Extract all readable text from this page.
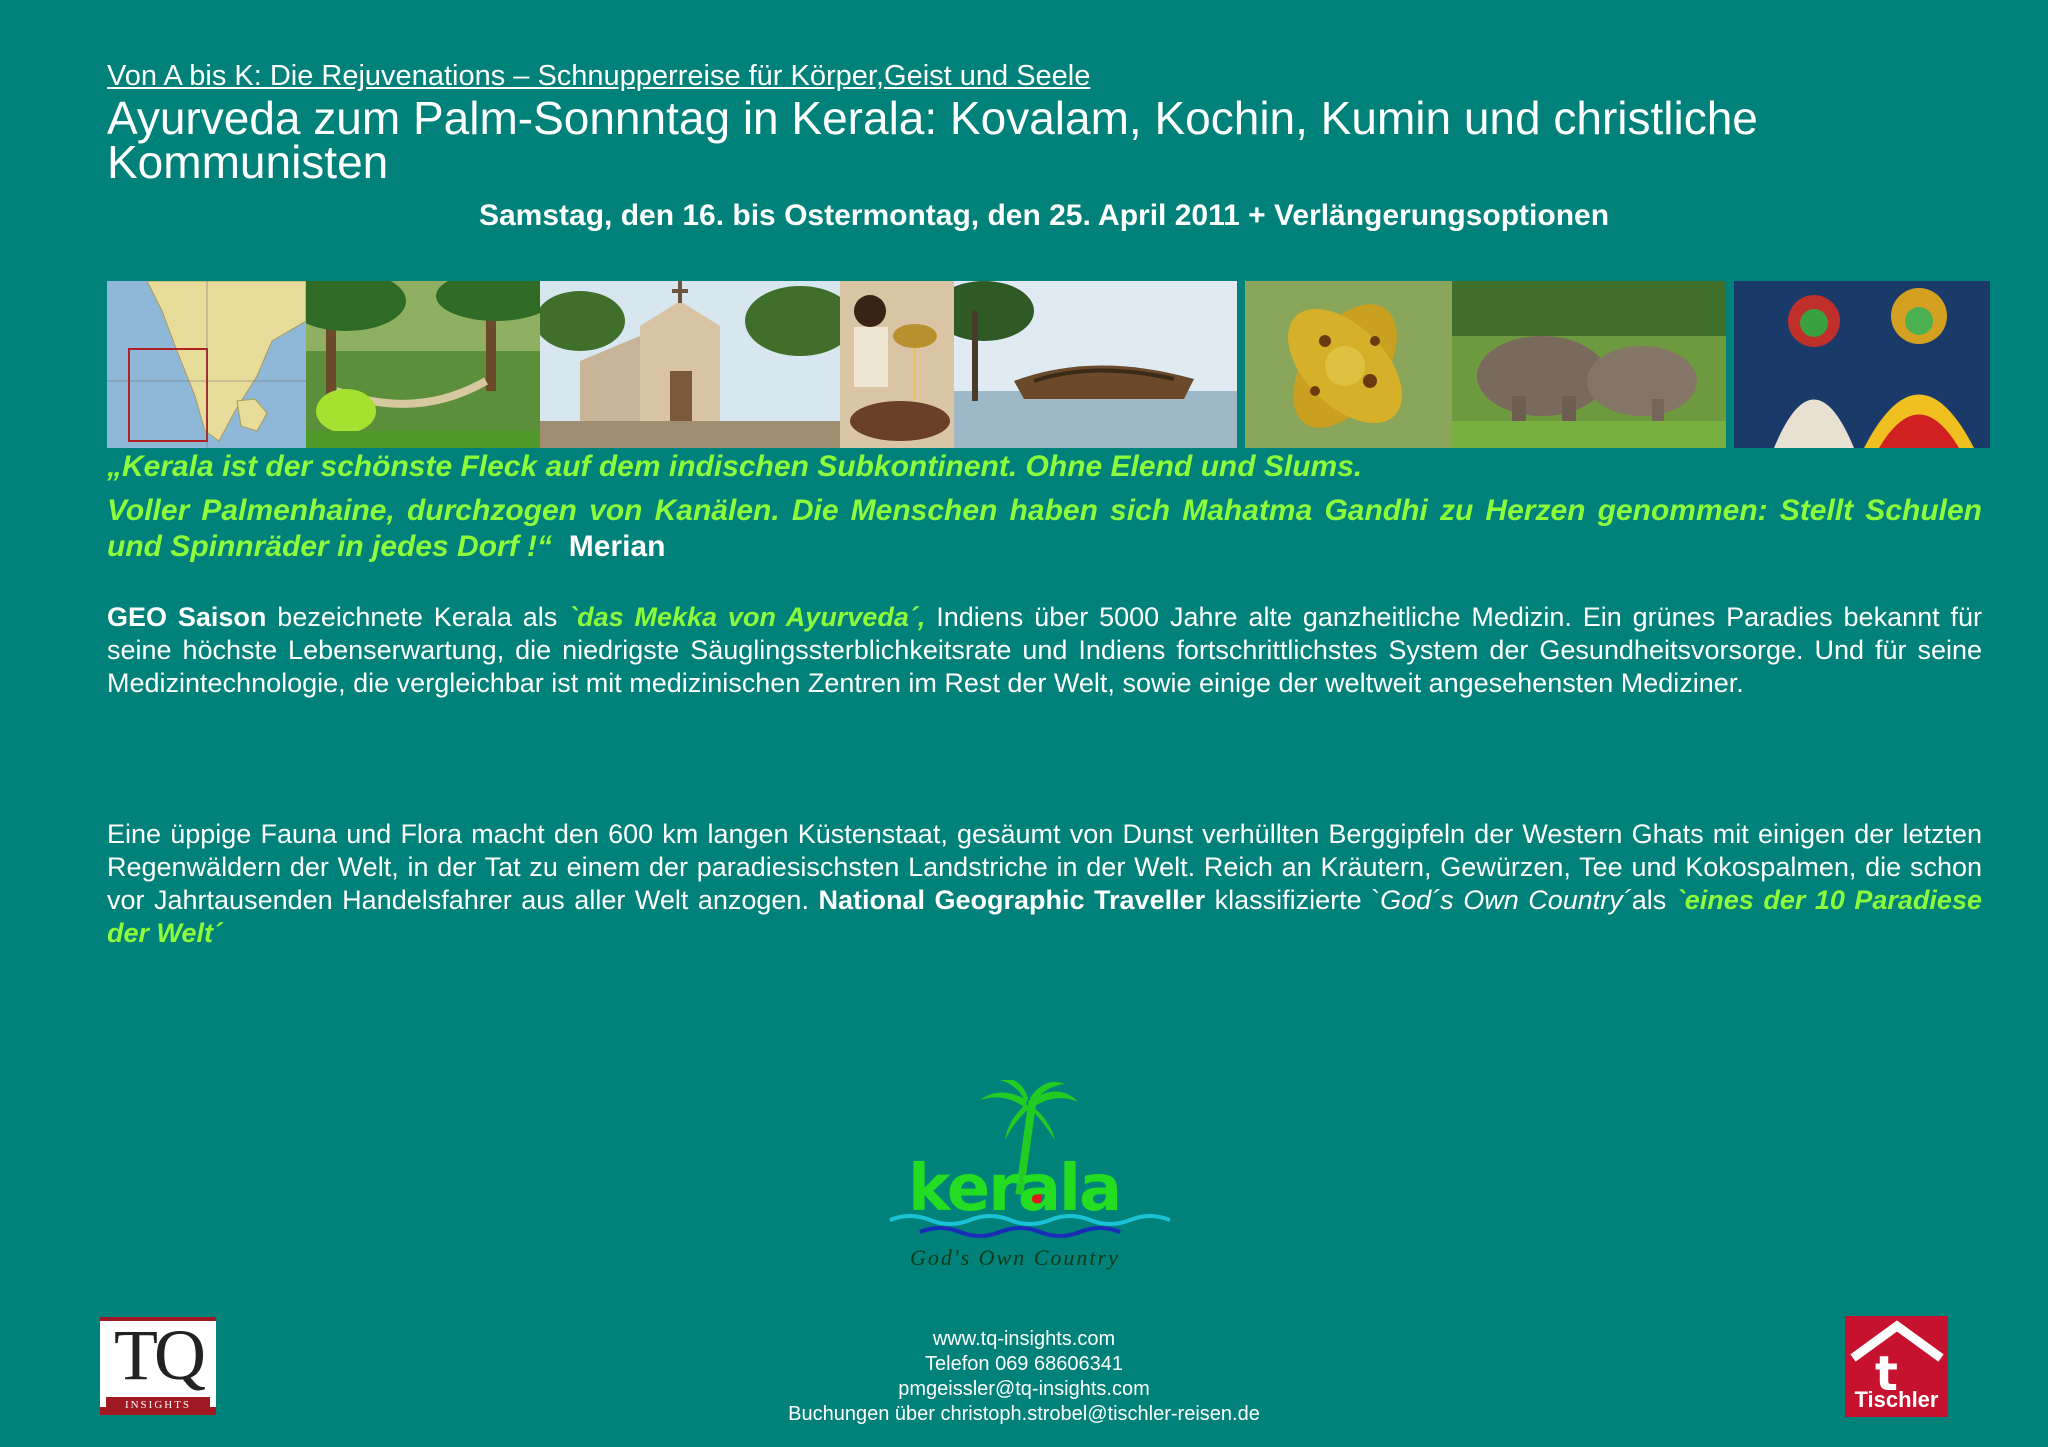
Von A bis K: Die Rejuvenations – Schnupperreise für Körper,Geist und Seele
Ayurveda zum Palm-Sonnntag in Kerala: Kovalam, Kochin, Kumin und christliche Kommunisten
Samstag, den 16. bis Ostermontag, den 25. April 2011 + Verlängerungsoptionen
„Kerala ist der schönste Fleck auf dem indischen Subkontinent. Ohne Elend und Slums.
Voller Palmenhaine, durchzogen von Kanälen. Die Menschen haben sich Mahatma Gandhi zu Herzen genommen: Stellt Schulen und Spinnräder in jedes Dorf !“ Merian
GEO Saison bezeichnete Kerala als `das Mekka von Ayurveda´, Indiens über 5000 Jahre alte ganzheitliche Medizin. Ein grünes Paradies bekannt für seine höchste Lebenserwartung, die niedrigste Säuglingssterblichkeitsrate und Indiens fortschrittlichstes System der Gesundheitsvorsorge. Und für seine Medizintechnologie, die vergleichbar ist mit medizinischen Zentren im Rest der Welt, sowie einige der weltweit angesehensten Mediziner.
Eine üppige Fauna und Flora macht den 600 km langen Küstenstaat, gesäumt von Dunst verhüllten Berggipfeln der Western Ghats mit einigen der letzten Regenwäldern der Welt, in der Tat zu einem der paradiesischsten Landstriche in der Welt. Reich an Kräutern, Gewürzen, Tee und Kokospalmen, die schon vor Jahrtausenden Handelsfahrer aus aller Welt anzogen. National Geographic Traveller klassifizierte `God´s Own Country´als `eines der 10 Paradiese der Welt´
kerala
God's Own Country
TQ
INSIGHTS
www.tq-insights.com
Telefon 069 68606341
pmgeissler@tq-insights.com
Buchungen über christoph.strobel@tischler-reisen.de
t
Tischler
